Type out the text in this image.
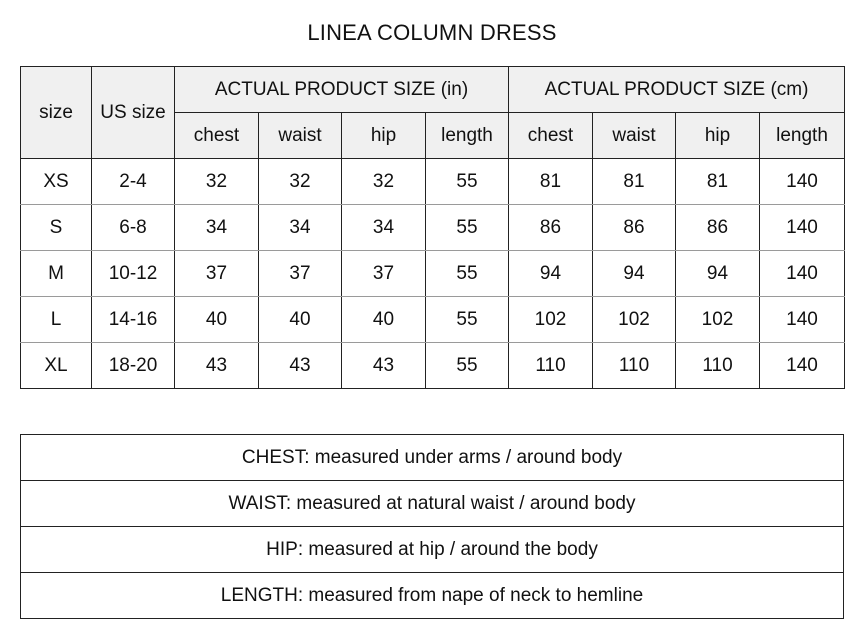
LINEA COLUMN DRESS
size	US size	ACTUAL PRODUCT SIZE (in)				ACTUAL PRODUCT SIZE (cm)			
		chest	waist	hip	length	chest	waist	hip	length
XS	2-4	32	32	32	55	81	81	81	140
S	6-8	34	34	34	55	86	86	86	140
M	10-12	37	37	37	55	94	94	94	140
L	14-16	40	40	40	55	102	102	102	140
XL	18-20	43	43	43	55	110	110	110	140
CHEST: measured under arms / around body
WAIST: measured at natural waist / around body
HIP: measured at hip / around the body
LENGTH: measured from nape of neck to hemline
